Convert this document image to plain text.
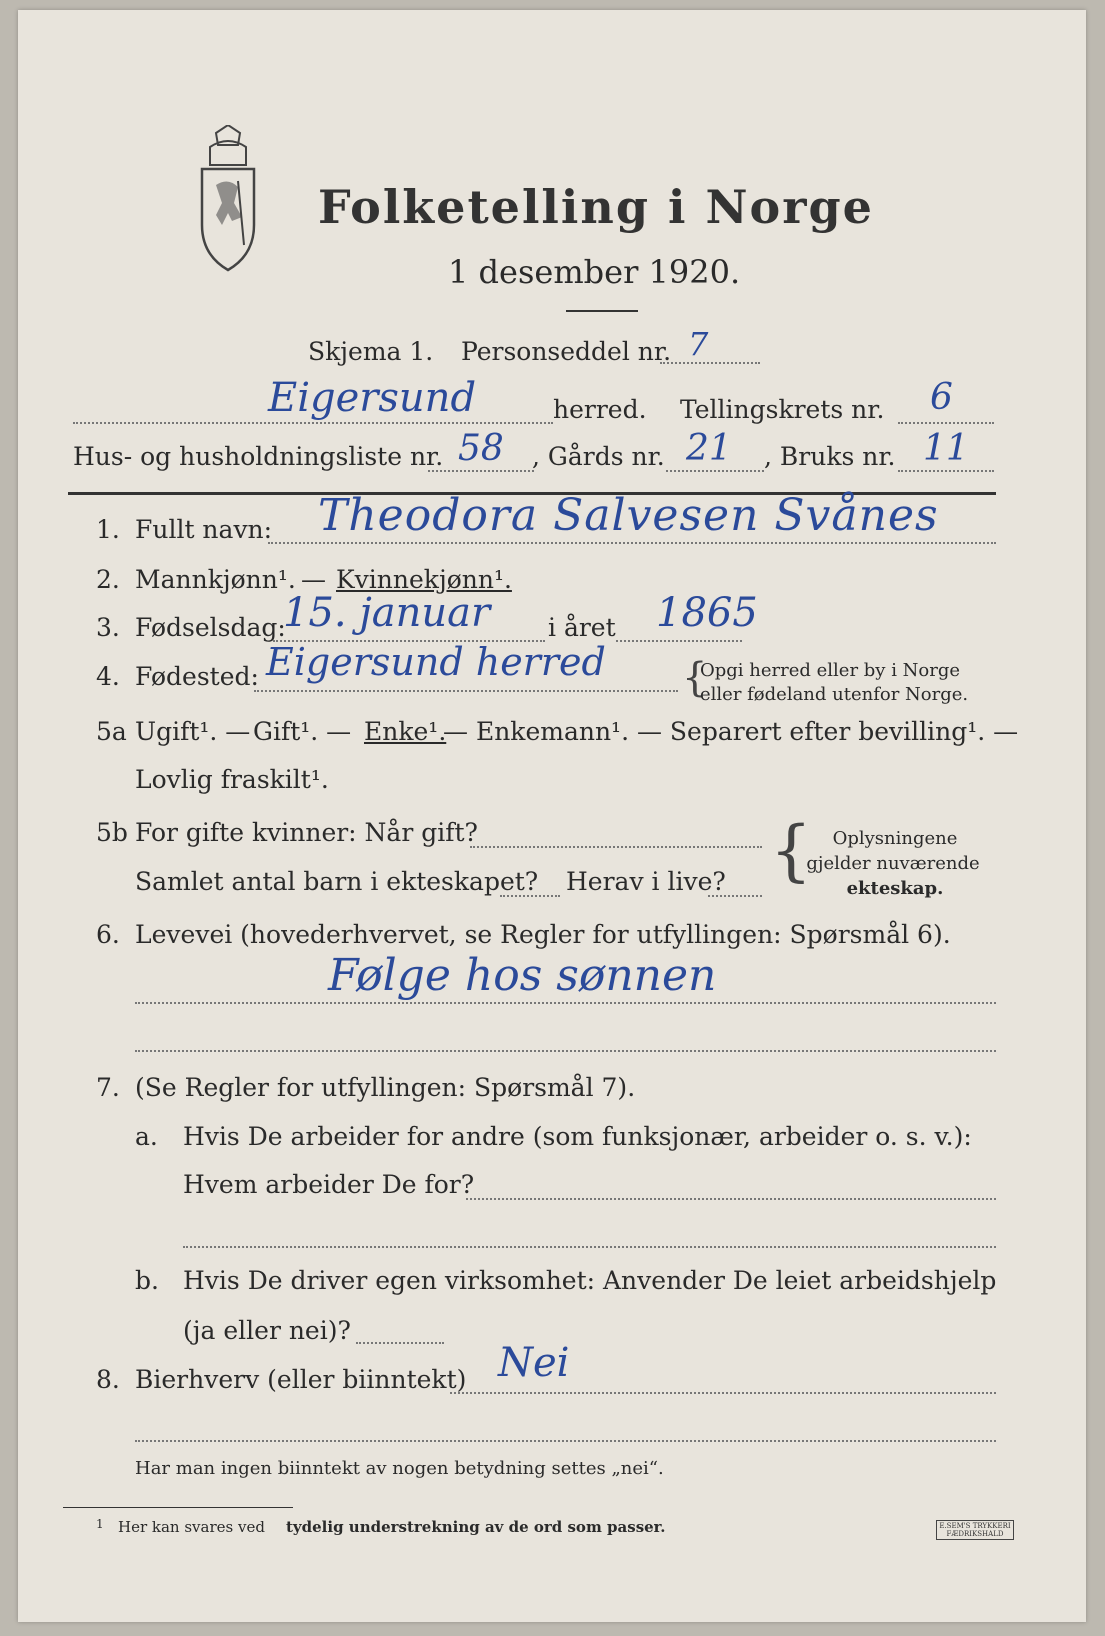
Folketelling i Norge
1 desember 1920.
Skjema 1. Personseddel nr. 7
Eigersund	herred. Tellingskrets nr. 6
Hus- og husholdningsliste nr. 58 , Gårds nr. 21 , Bruks nr. 11
1. Fullt navn: Theodora Salvesen Svånes
2. Mannkjønn¹. — Kvinnekjønn¹.
3. Fødselsdag:
15. januar i året 1865
4. Fødested: Eigersund herred {
Opgi herred eller by i Norge
eller fødeland utenfor Norge.
5a Ugift¹. — Gift¹. — Enke¹.
— Enkemann¹. — Separert efter bevilling¹. —
Lovlig fraskilt¹.
5b For gifte kvinner: Når gift?
Samlet antal barn i ekteskapet? Herav i live? {	Oplysningene
gjelder nuværende
ekteskap.
6. Levevei (hovederhvervet, se Regler for utfyllingen: Spørsmål 6).
Følge hos sønnen
7. (Se Regler for utfyllingen: Spørsmål 7).
a. Hvis De arbeider for andre (som funksjonær, arbeider o. s. v.):
Hvem arbeider De for?
b. Hvis De driver egen virksomhet: Anvender De leiet arbeidshjelp
(ja eller nei)?
8. Bierhverv (eller biinntekt) Nei
Har man ingen biinntekt av nogen betydning settes „nei“.
1 Her kan svares ved tydelig understrekning av de ord som passer.	E.SEM'S TRYKKERI FÆDRIKSHALD
